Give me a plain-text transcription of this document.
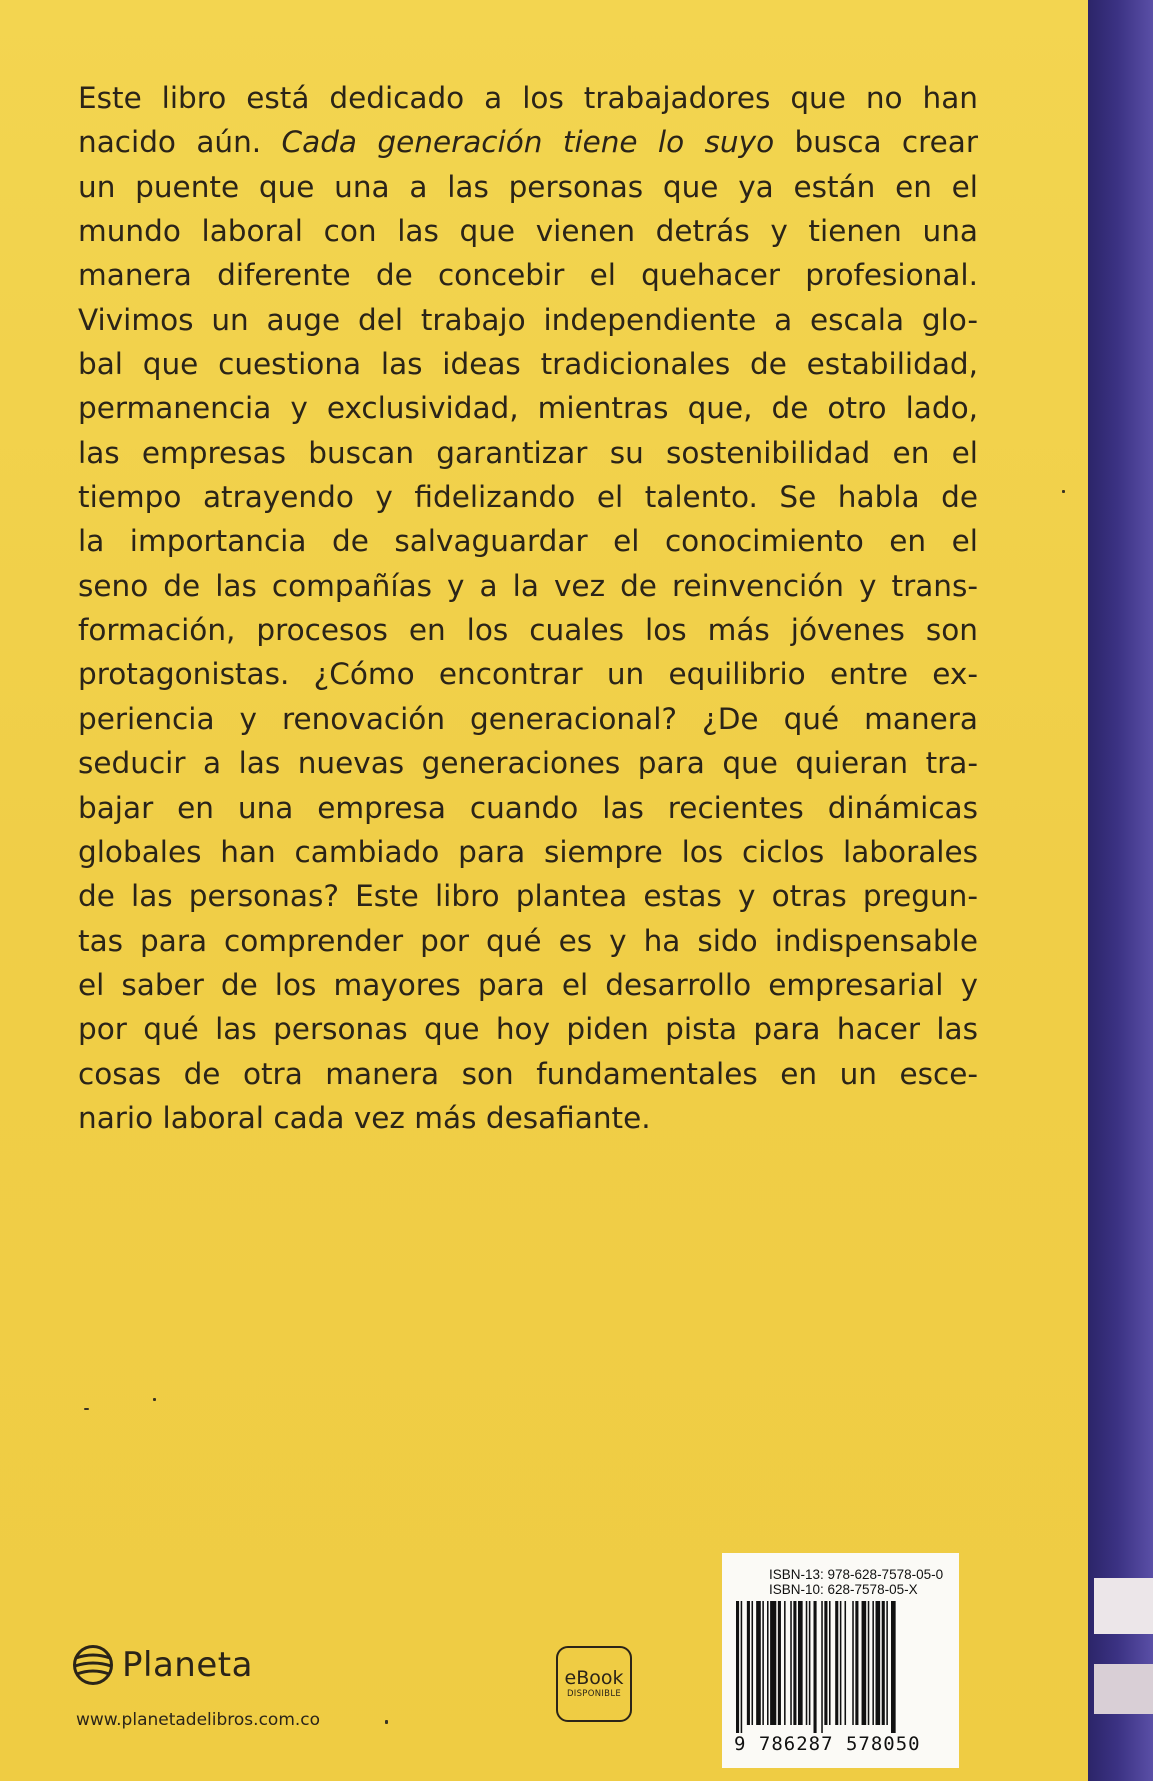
Este libro está dedicado a los trabajadores que no han
nacido aún. Cada generación tiene lo suyo busca crear
un puente que una a las personas que ya están en el
mundo laboral con las que vienen detrás y tienen una
manera diferente de concebir el quehacer profesional.
Vivimos un auge del trabajo independiente a escala glo-
bal que cuestiona las ideas tradicionales de estabilidad,
permanencia y exclusividad, mientras que, de otro lado,
las empresas buscan garantizar su sostenibilidad en el
tiempo atrayendo y fidelizando el talento. Se habla de
la importancia de salvaguardar el conocimiento en el
seno de las compañías y a la vez de reinvención y trans-
formación, procesos en los cuales los más jóvenes son
protagonistas. ¿Cómo encontrar un equilibrio entre ex-
periencia y renovación generacional? ¿De qué manera
seducir a las nuevas generaciones para que quieran tra-
bajar en una empresa cuando las recientes dinámicas
globales han cambiado para siempre los ciclos laborales
de las personas? Este libro plantea estas y otras pregun-
tas para comprender por qué es y ha sido indispensable
el saber de los mayores para el desarrollo empresarial y
por qué las personas que hoy piden pista para hacer las
cosas de otra manera son fundamentales en un esce-
nario laboral cada vez más desafiante.
Planeta
www.planetadelibros.com.co
eBook
DISPONIBLE
ISBN-13: 978-628-7578-05-0
ISBN-10: 628-7578-05-X
9 786287 578050
